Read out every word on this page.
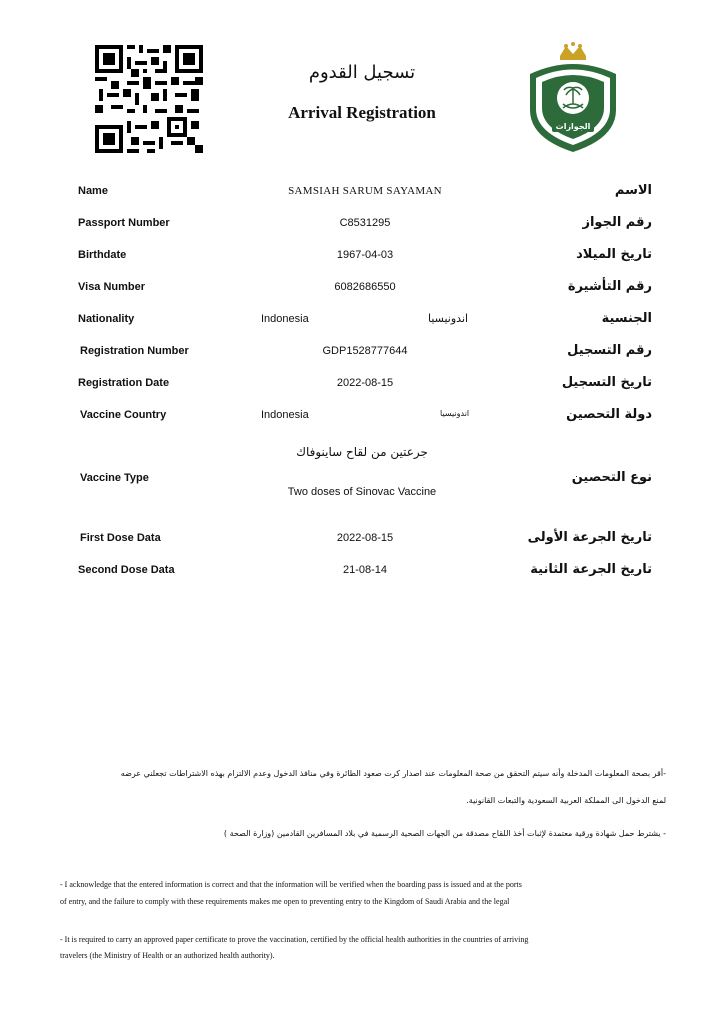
تسجيل القدوم
Arrival Registration
الجوازات
Name	SAMSIAH SARUM SAYAMAN	الاسم
Passport Number	C8531295	رقم الجواز
Birthdate	1967-04-03	تاريخ الميلاد
Visa Number	6082686550	رقم التأشيرة
Nationality	Indonesia	اندونيسيا	الجنسية
Registration Number	GDP1528777644	رقم التسجيل
Registration Date	2022-08-15	تاريخ التسجيل
Vaccine Country	Indonesia	اندونيسيا	دولة التحصين
جرعتين من لقاح ساينوفاك
Vaccine Type	نوع التحصين
Two doses of Sinovac Vaccine
First Dose Data	2022-08-15	تاريخ الجرعة الأولى
Second Dose Data	21-08-14	تاريخ الجرعة الثانية
-أقر بصحة المعلومات المدخلة وأنه سيتم التحقق من صحة المعلومات عند اصدار كرت صعود الطائرة وفي منافذ الدخول وعدم الالتزام بهذه الاشتراطات تجعلني عرضه
لمنع الدخول الى المملكة العربية السعودية والتبعات القانونية.
- يشترط حمل شهادة ورقية معتمدة لإثبات أخذ اللقاح مصدقة من الجهات الصحية الرسمية في بلاد المسافرين القادمين (وزارة الصحة )
- I acknowledge that the entered information is correct and that the information will be verified when the boarding pass is issued and at the ports
of entry, and the failure to comply with these requirements makes me open to preventing entry to the Kingdom of Saudi Arabia and the legal
- It is required to carry an approved paper certificate to prove the vaccination, certified by the official health authorities in the countries of arriving
travelers (the Ministry of Health or an authorized health authority).
